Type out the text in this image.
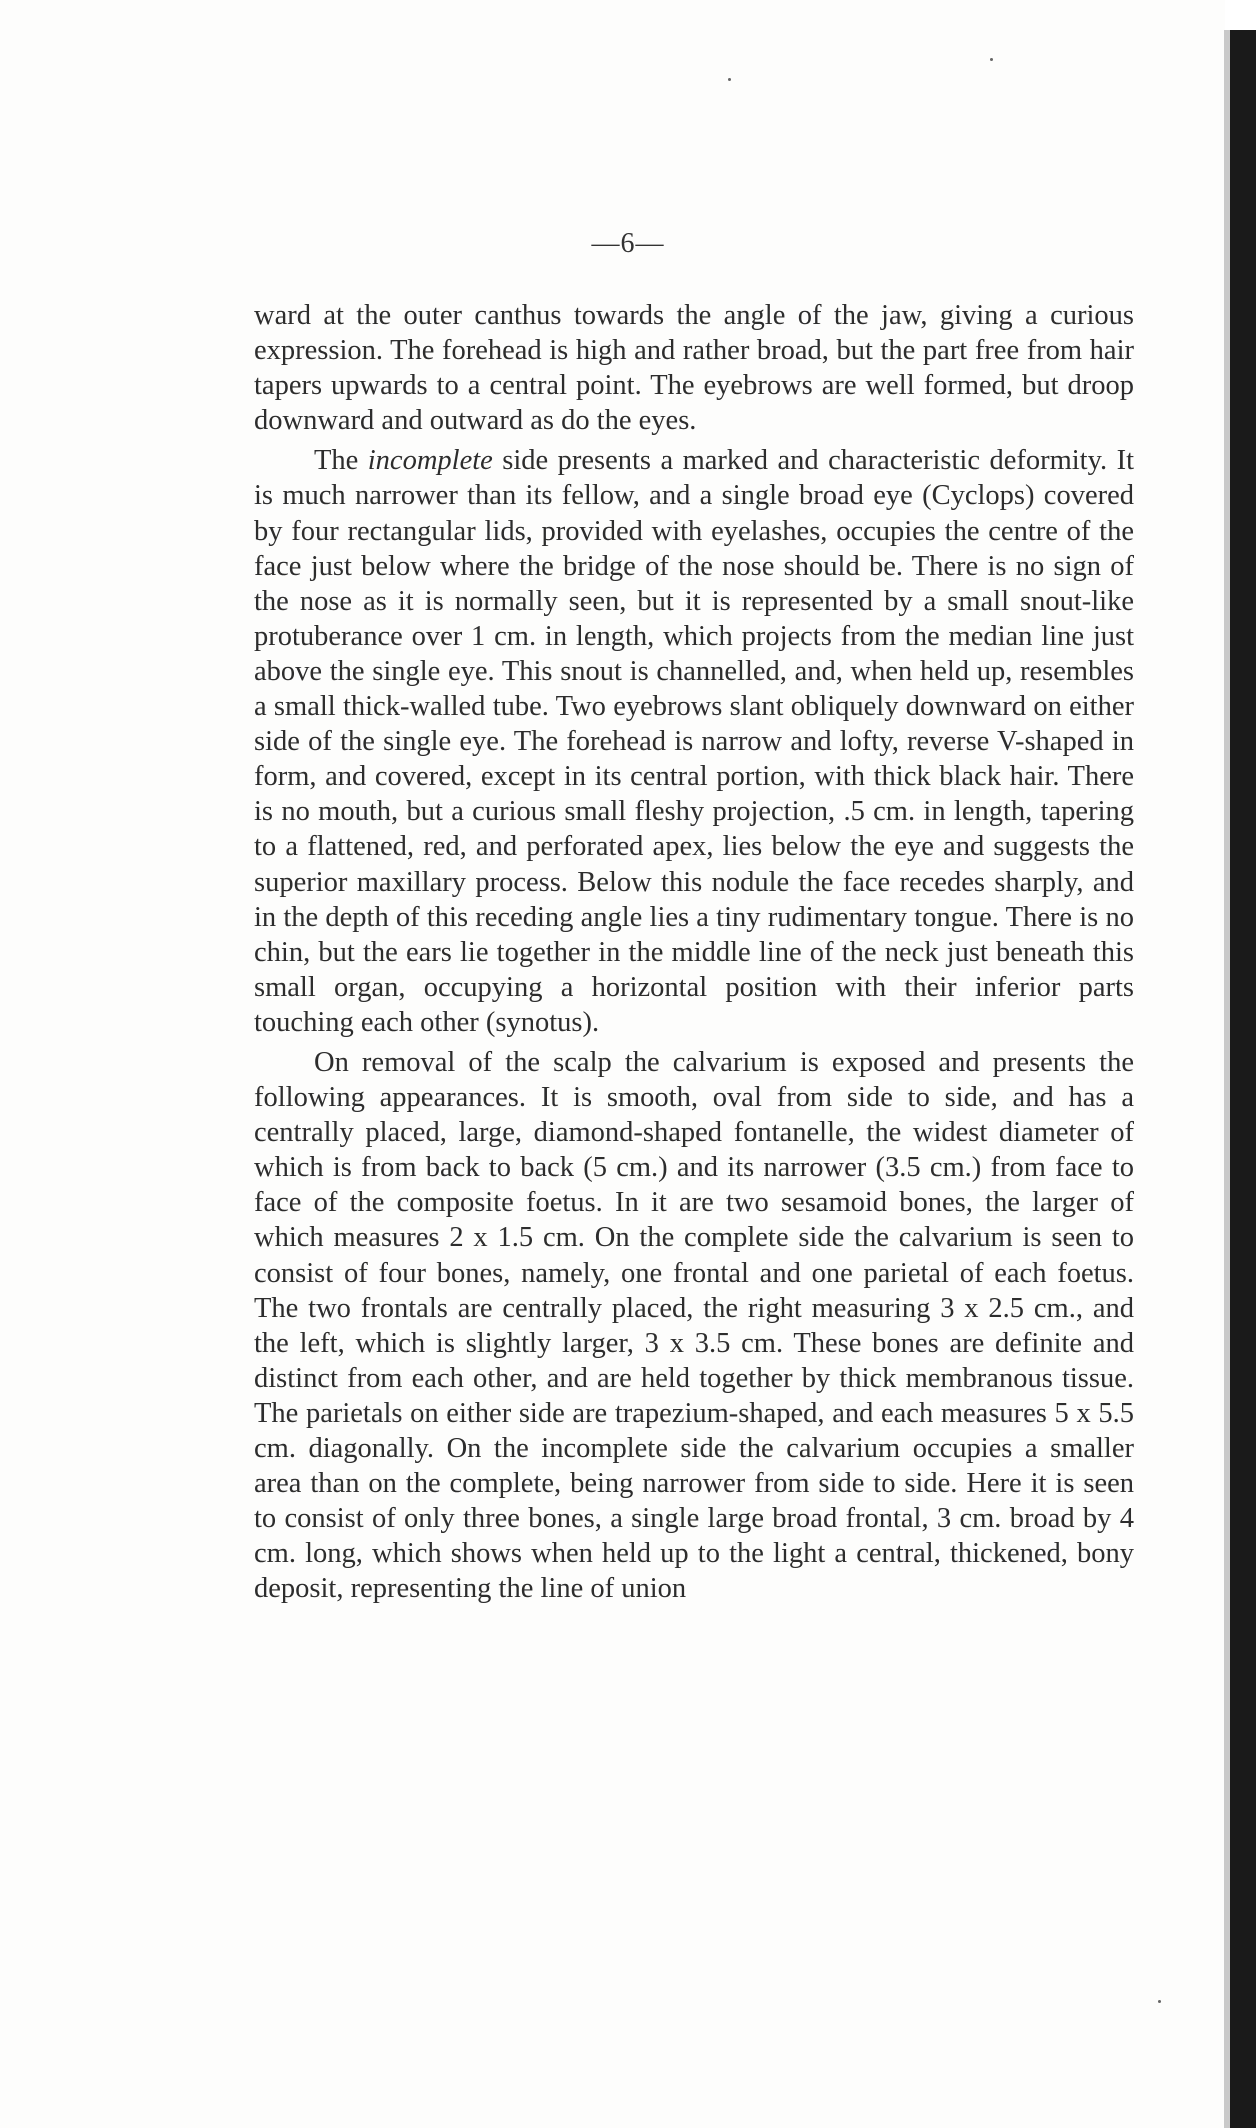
—6—

ward at the outer canthus towards the angle of the jaw, giving a curious expression. The forehead is high and rather broad, but the part free from hair tapers upwards to a central point. The eyebrows are well formed, but droop downward and outward as do the eyes.

The incomplete side presents a marked and characteristic deformity. It is much narrower than its fellow, and a single broad eye (Cyclops) covered by four rectangular lids, provided with eyelashes, occupies the centre of the face just below where the bridge of the nose should be. There is no sign of the nose as it is normally seen, but it is represented by a small snout-like protuberance over 1 cm. in length, which projects from the median line just above the single eye. This snout is channelled, and, when held up, resembles a small thick-walled tube. Two eyebrows slant obliquely downward on either side of the single eye. The forehead is narrow and lofty, reverse V-shaped in form, and covered, except in its central portion, with thick black hair. There is no mouth, but a curious small fleshy projection, .5 cm. in length, tapering to a flattened, red, and perforated apex, lies below the eye and suggests the superior maxillary process. Below this nodule the face recedes sharply, and in the depth of this receding angle lies a tiny rudimentary tongue. There is no chin, but the ears lie together in the middle line of the neck just beneath this small organ, occupying a horizontal position with their inferior parts touching each other (synotus).

On removal of the scalp the calvarium is exposed and presents the following appearances. It is smooth, oval from side to side, and has a centrally placed, large, diamond-shaped fontanelle, the widest diameter of which is from back to back (5 cm.) and its narrower (3.5 cm.) from face to face of the composite foetus. In it are two sesamoid bones, the larger of which measures 2 x 1.5 cm. On the complete side the calvarium is seen to consist of four bones, namely, one frontal and one parietal of each foetus. The two frontals are centrally placed, the right measuring 3 x 2.5 cm., and the left, which is slightly larger, 3 x 3.5 cm. These bones are definite and distinct from each other, and are held together by thick membranous tissue. The parietals on either side are trapezium-shaped, and each measures 5 x 5.5 cm. diagonally. On the incomplete side the calvarium occupies a smaller area than on the complete, being narrower from side to side. Here it is seen to consist of only three bones, a single large broad frontal, 3 cm. broad by 4 cm. long, which shows when held up to the light a central, thickened, bony deposit, representing the line of union
